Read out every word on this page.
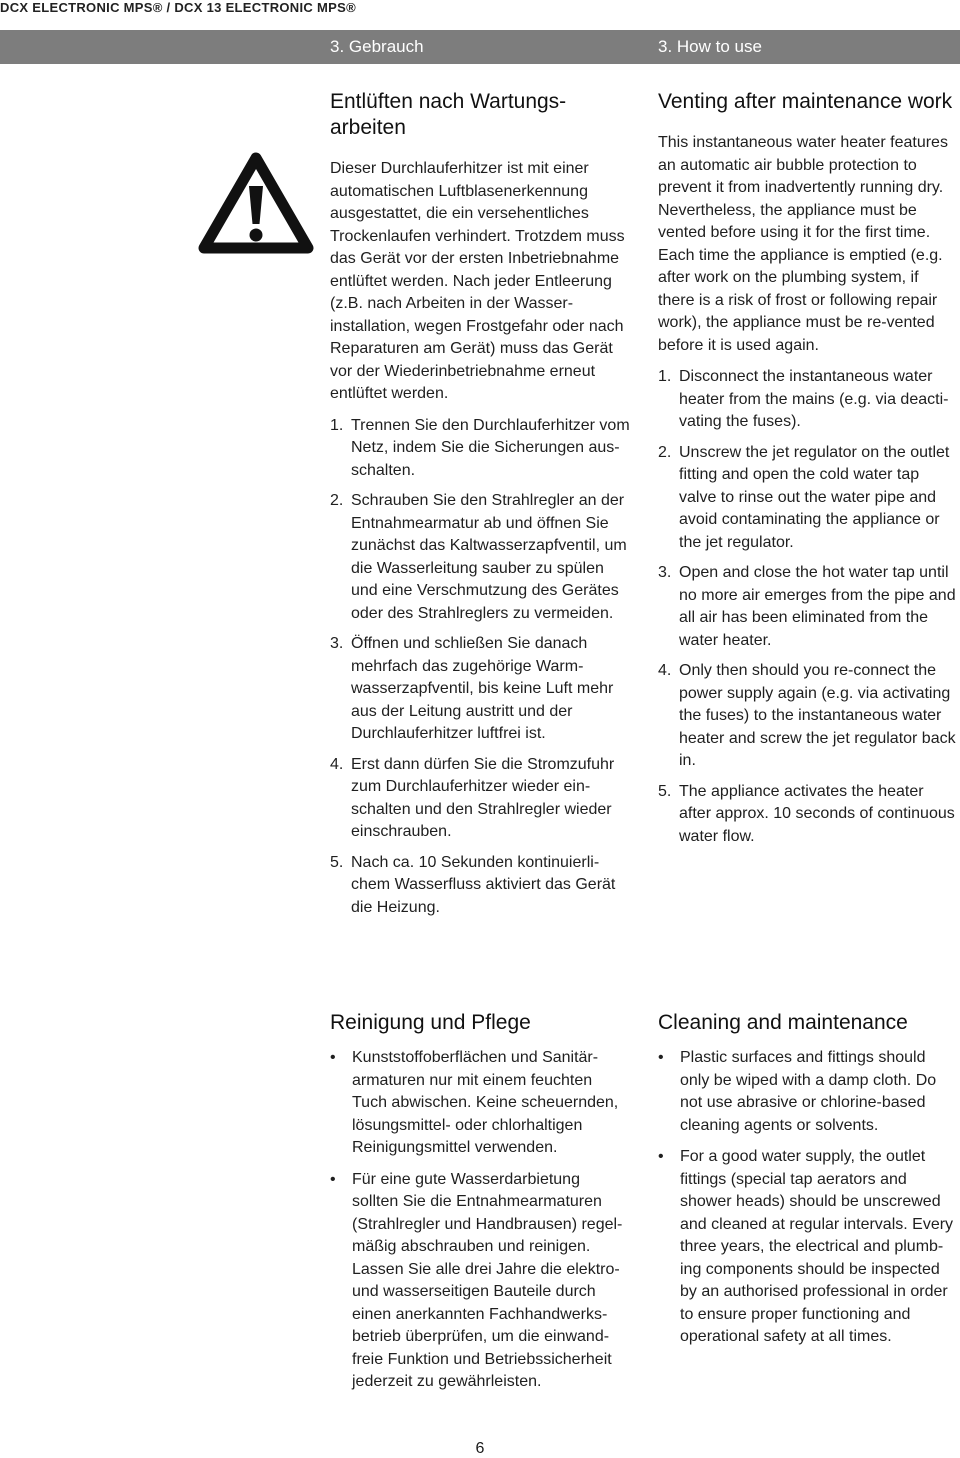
DCX ELECTRONIC MPS® / DCX 13 ELECTRONIC MPS®
3. Gebrauch	3. How to use
Entlüften nach Wartungs-arbeiten

Dieser Durchlauferhitzer ist mit einer automatischen Luftblasenerkennung ausgestattet, die ein versehentliches Trockenlaufen verhindert. Trotzdem muss das Gerät vor der ersten Inbetriebnahme entlüftet werden. Nach jeder Entleerung (z.B. nach Arbeiten in der Wasser-installation, wegen Frostgefahr oder nach Reparaturen am Gerät) muss das Gerät vor der Wiederinbetriebnahme erneut entlüftet werden.

1. Trennen Sie den Durchlauferhitzer vom Netz, indem Sie die Sicherungen aus-schalten.
2. Schrauben Sie den Strahlregler an der Entnahmearmatur ab und öffnen Sie zunächst das Kaltwasserzapfventil, um die Wasserleitung sauber zu spülen und eine Verschmutzung des Gerätes oder des Strahlreglers zu vermeiden.
3. Öffnen und schließen Sie danach mehrfach das zugehörige Warm-wasserzapfventil, bis keine Luft mehr aus der Leitung austritt und der Durchlauferhitzer luftfrei ist.
4. Erst dann dürfen Sie die Stromzufuhr zum Durchlauferhitzer wieder ein-schalten und den Strahlregler wieder einschrauben.
5. Nach ca. 10 Sekunden kontinuierli-chem Wasserfluss aktiviert das Gerät die Heizung.
Venting after maintenance work

This instantaneous water heater features an automatic air bubble protection to prevent it from inadvertently running dry. Nevertheless, the appliance must be vented before using it for the first time. Each time the appliance is emptied (e.g. after work on the plumbing system, if there is a risk of frost or following repair work), the appliance must be re-vented before it is used again.

1. Disconnect the instantaneous water heater from the mains (e.g. via deacti-vating the fuses).
2. Unscrew the jet regulator on the outlet fitting and open the cold water tap valve to rinse out the water pipe and avoid contaminating the appliance or the jet regulator.
3. Open and close the hot water tap until no more air emerges from the pipe and all air has been eliminated from the water heater.
4. Only then should you re-connect the power supply again (e.g. via activating the fuses) to the instantaneous water heater and screw the jet regulator back in.
5. The appliance activates the heater after approx. 10 seconds of continuous water flow.
Reinigung und Pflege
• Kunststoffoberflächen und Sanitär-armaturen nur mit einem feuchten Tuch abwischen. Keine scheuernden, lösungsmittel- oder chlorhaltigen Reinigungsmittel verwenden.
• Für eine gute Wasserdarbietung sollten Sie die Entnahmearmaturen (Strahlregler und Handbrausen) regel-mäßig abschrauben und reinigen. Lassen Sie alle drei Jahre die elektro- und wasserseitigen Bauteile durch einen anerkannten Fachhandwerks-betrieb überprüfen, um die einwand-freie Funktion und Betriebssicherheit jederzeit zu gewährleisten.
Cleaning and maintenance
• Plastic surfaces and fittings should only be wiped with a damp cloth. Do not use abrasive or chlorine-based cleaning agents or solvents.
• For a good water supply, the outlet fittings (special tap aerators and shower heads) should be unscrewed and cleaned at regular intervals. Every three years, the electrical and plumb-ing components should be inspected by an authorised professional in order to ensure proper functioning and operational safety at all times.
6
